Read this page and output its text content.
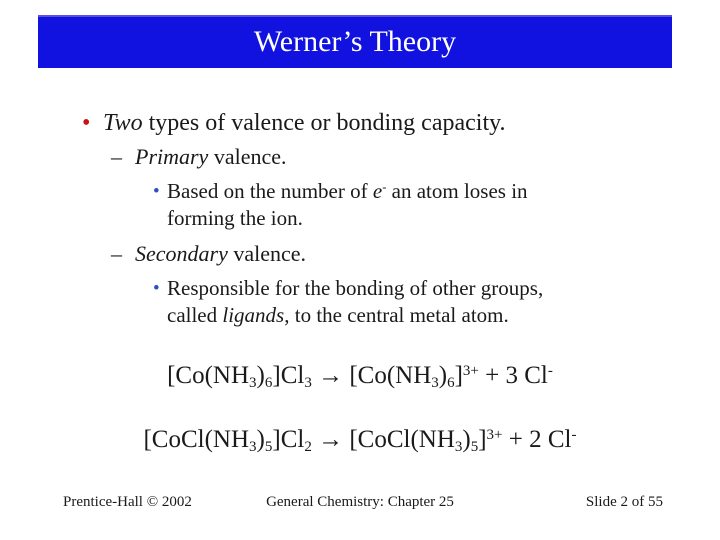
Werner’s Theory
• Two types of valence or bonding capacity.
– Primary valence.
• Based on the number of e- an atom loses in
forming the ion.
– Secondary valence.
• Responsible for the bonding of other groups,
called ligands, to the central metal atom.
$[Co(NH_3)_6]Cl_3 \to [Co(NH_3)_6]^{3+} + 3$ Cl-
$[CoCl(NH_3)_5]Cl_2$ → $[CoCl(NH_3)_5]^{3+} + 2$ Cl-
Prentice-Hall © 2002	General Chemistry: Chapter 25	Slide 2 of 55
